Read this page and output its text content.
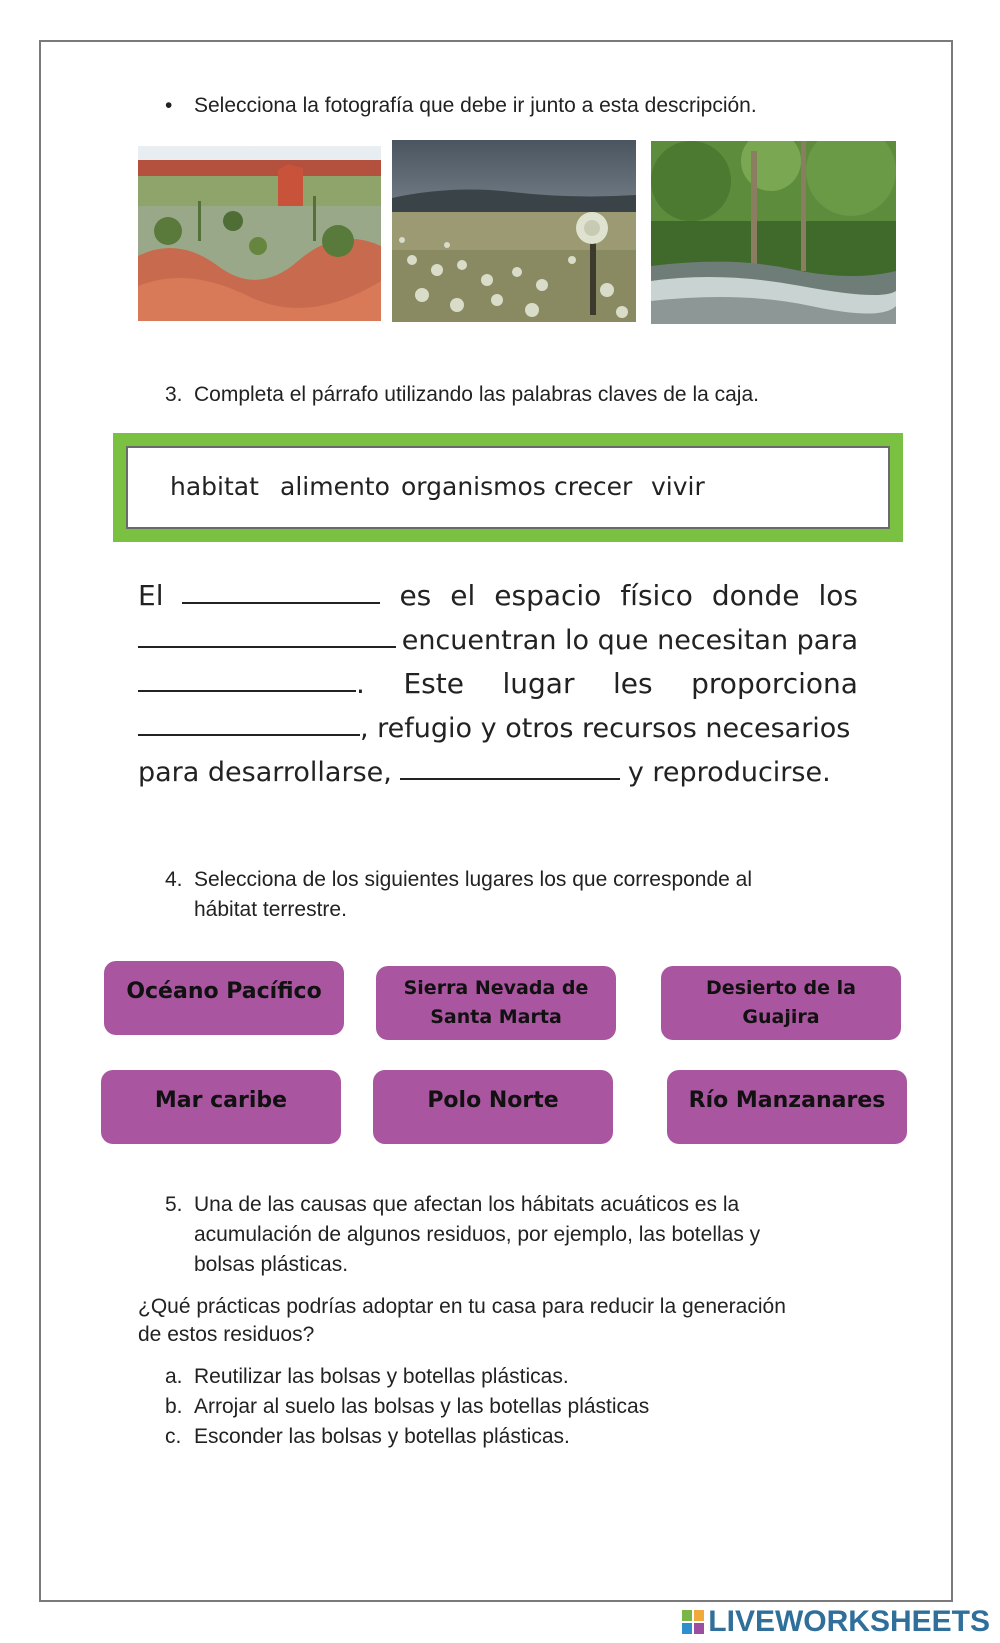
• Selecciona la fotografía que debe ir junto a esta descripción.
3. Completa el párrafo utilizando las palabras claves de la caja.
habitat alimento organismos crecer vivir
El	es el espacio físico donde los
encuentran lo que necesitan para
. Este lugar les proporciona
, refugio y otros recursos necesarios
para desarrollarse,	y reproducirse.
4. Selecciona de los siguientes lugares los que corresponde al
hábitat terrestre.
Océano Pacífico	Sierra Nevada de
Santa Marta
Desierto de la
Guajira
Mar caribe	Polo Norte	Río Manzanares
5. Una de las causas que afectan los hábitats acuáticos es la
acumulación de algunos residuos, por ejemplo, las botellas y
bolsas plásticas.
¿Qué prácticas podrías adoptar en tu casa para reducir la generación
de estos residuos?
a. Reutilizar las bolsas y botellas plásticas.
b. Arrojar al suelo las bolsas y las botellas plásticas
c. Esconder las bolsas y botellas plásticas.
LIVEWORKSHEETS
